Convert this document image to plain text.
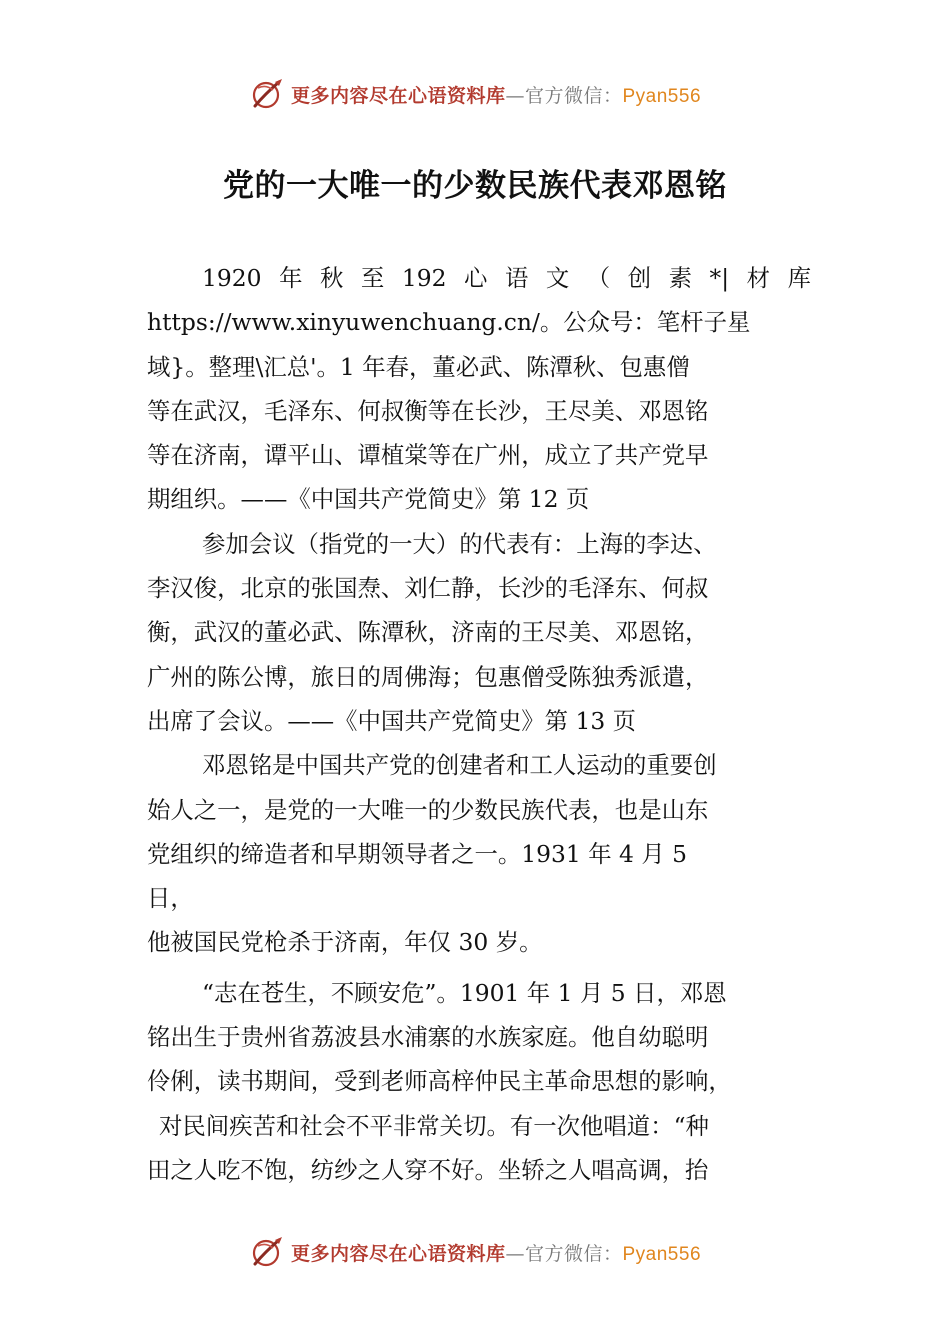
更多内容尽在心语资料库—官方微信：Pyan556
党的一大唯一的少数民族代表邓恩铭
1920 年 秋 至 192 心 语 文 （ 创 素 *| 材 库
https://www.xinyuwenchuang.cn/。公众号：笔杆子星
域}。整理\汇总'。1 年春，董必武、陈潭秋、包惠僧
等在武汉，毛泽东、何叔衡等在长沙，王尽美、邓恩铭
等在济南，谭平山、谭植棠等在广州，成立了共产党早
期组织。——《中国共产党简史》第 12 页
参加会议（指党的一大）的代表有：上海的李达、
李汉俊，北京的张国焘、刘仁静，长沙的毛泽东、何叔
衡，武汉的董必武、陈潭秋，济南的王尽美、邓恩铭，
广州的陈公博，旅日的周佛海；包惠僧受陈独秀派遣，
出席了会议。——《中国共产党简史》第 13 页
邓恩铭是中国共产党的创建者和工人运动的重要创
始人之一，是党的一大唯一的少数民族代表，也是山东
党组织的缔造者和早期领导者之一。1931 年 4 月 5
日，
他被国民党枪杀于济南，年仅 30 岁。
“志在苍生，不顾安危”。1901 年 1 月 5 日，邓恩
铭出生于贵州省荔波县水浦寨的水族家庭。他自幼聪明
伶俐，读书期间，受到老师高梓仲民主革命思想的影响，
对民间疾苦和社会不平非常关切。有一次他唱道：“种
田之人吃不饱，纺纱之人穿不好。坐轿之人唱高调，抬
更多内容尽在心语资料库—官方微信：Pyan556
